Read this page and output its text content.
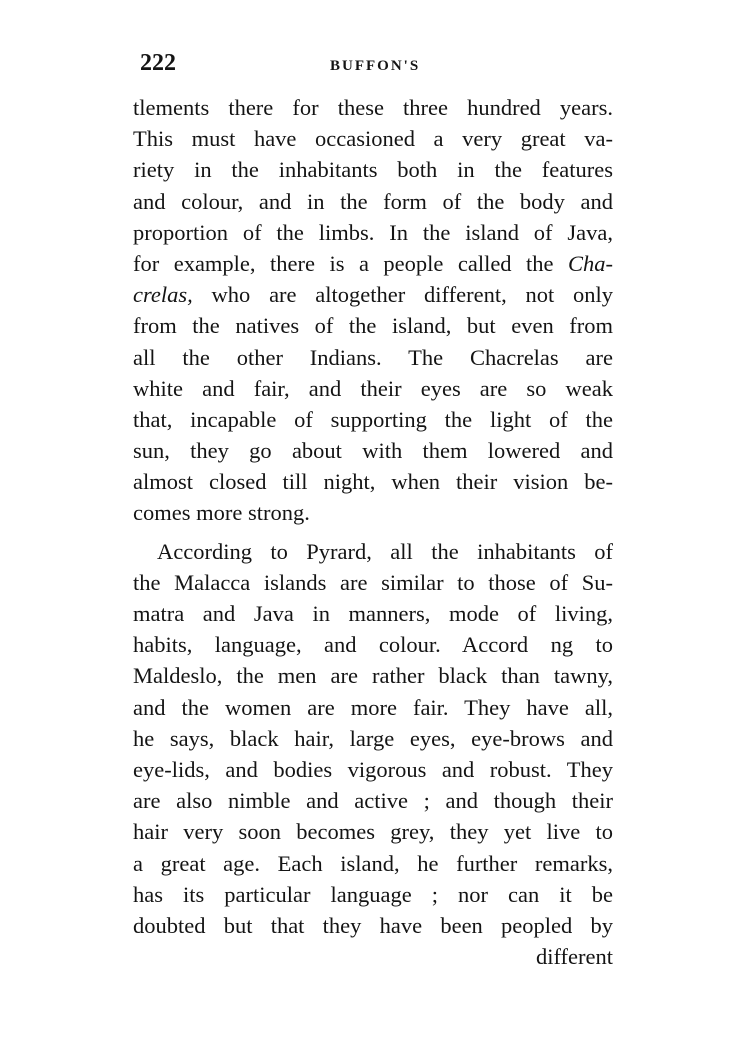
222	BUFFON'S
tlements there for these three hundred years.
This must have occasioned a very great va-
riety in the inhabitants both in the features
and colour, and in the form of the body and
proportion of the limbs. In the island of Java,
for example, there is a people called the Cha-
crelas, who are altogether different, not only
from the natives of the island, but even from
all the other Indians. The Chacrelas are
white and fair, and their eyes are so weak
that, incapable of supporting the light of the
sun, they go about with them lowered and
almost closed till night, when their vision be-
comes more strong.
According to Pyrard, all the inhabitants of
the Malacca islands are similar to those of Su-
matra and Java in manners, mode of living,
habits, language, and colour. Accord ng to
Maldeslo, the men are rather black than tawny,
and the women are more fair. They have all,
he says, black hair, large eyes, eye-brows and
eye-lids, and bodies vigorous and robust. They
are also nimble and active ; and though their
hair very soon becomes grey, they yet live to
a great age. Each island, he further remarks,
has its particular language ; nor can it be
doubted but that they have been peopled by
different
